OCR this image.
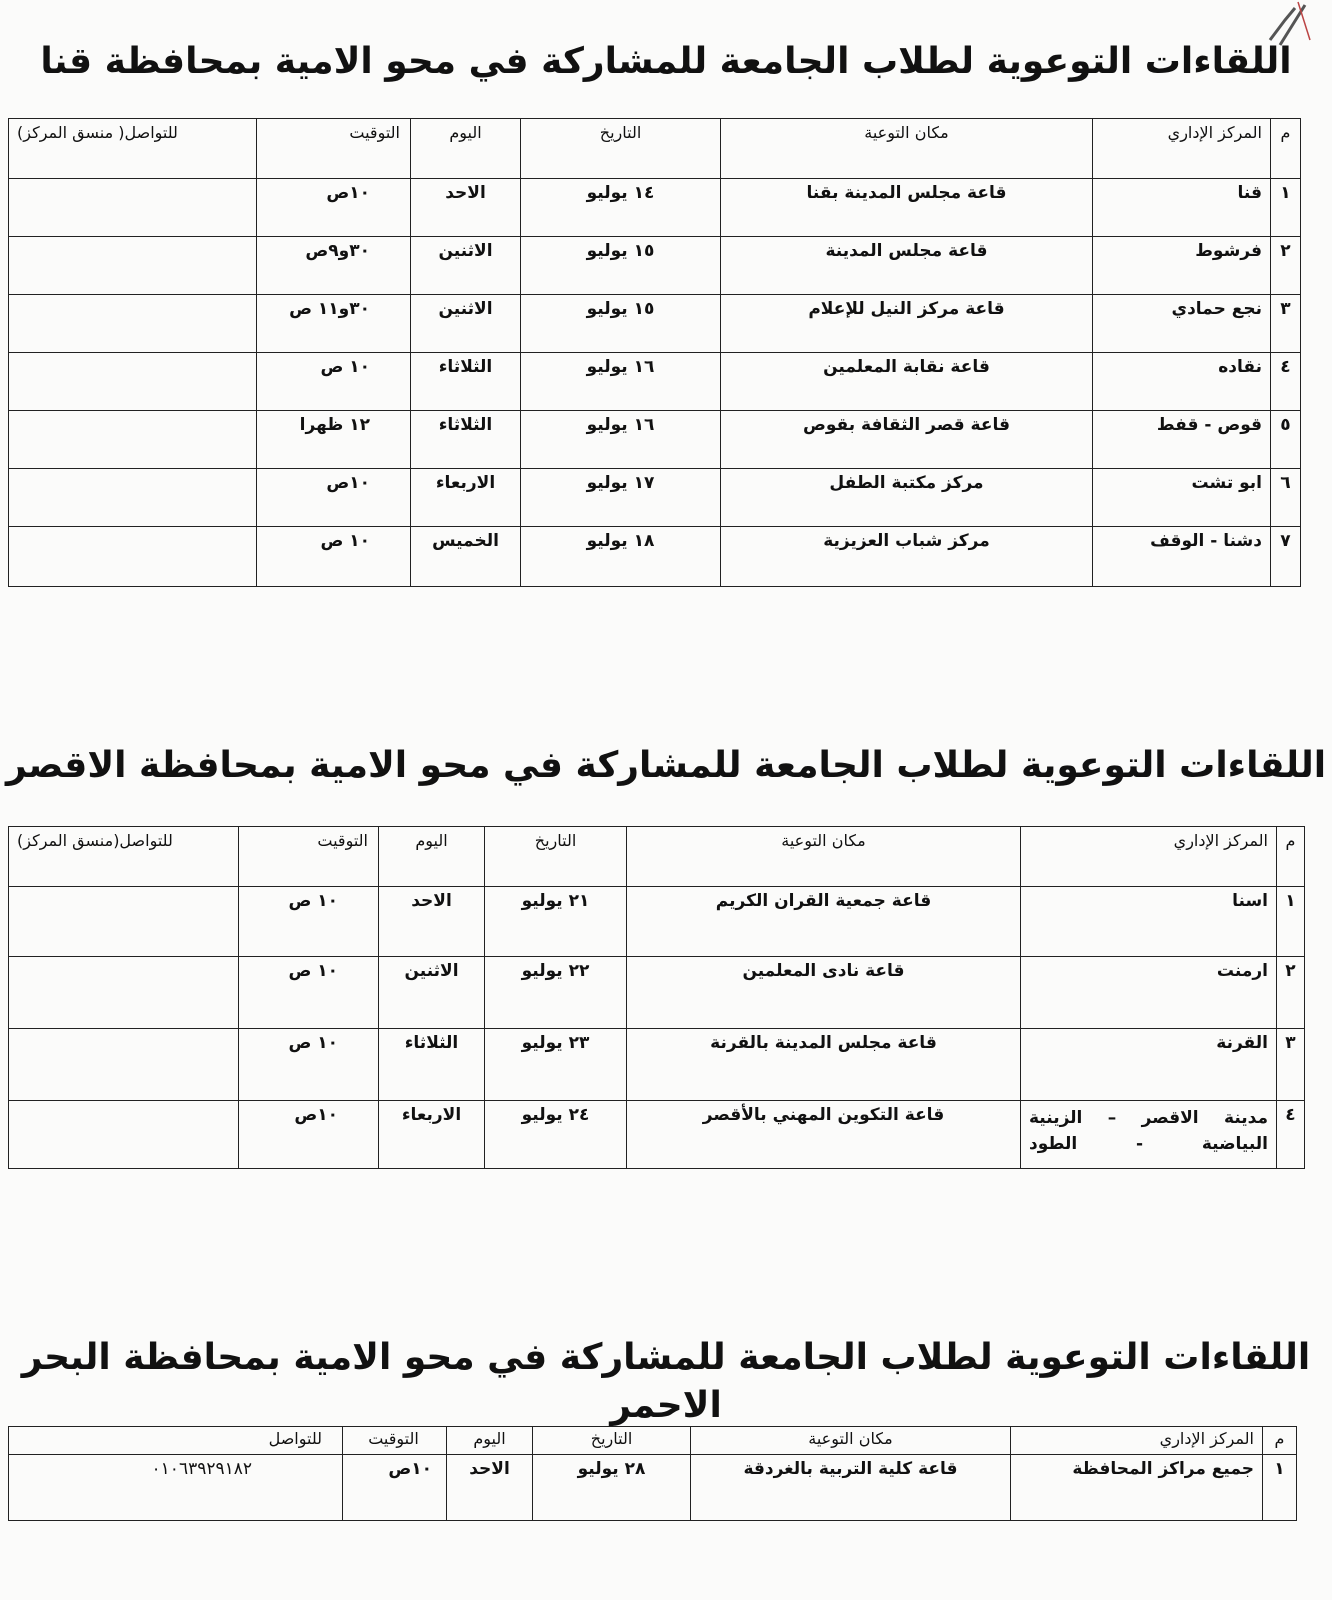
اللقاءات التوعوية لطلاب الجامعة للمشاركة في محو الامية بمحافظة قنا
م	المركز الإداري	مكان التوعية	التاريخ	اليوم	التوقيت	للتواصل( منسق المركز)
١	قنا	قاعة مجلس المدينة بقنا	١٤ يوليو	الاحد	١٠ص	
٢	فرشوط	قاعة مجلس المدينة	١٥ يوليو	الاثنين	٣٠و٩ص	
٣	نجع حمادي	قاعة مركز النيل للإعلام	١٥ يوليو	الاثنين	٣٠و١١ ص	
٤	نقاده	قاعة نقابة المعلمين	١٦ يوليو	الثلاثاء	١٠ ص	
٥	قوص - قفط	قاعة قصر الثقافة بقوص	١٦ يوليو	الثلاثاء	١٢ ظهرا	
٦	ابو تشت	مركز مكتبة الطفل	١٧ يوليو	الاربعاء	١٠ص	
٧	دشنا - الوقف	مركز شباب العزيزية	١٨ يوليو	الخميس	١٠ ص	
اللقاءات التوعوية لطلاب الجامعة للمشاركة في محو الامية بمحافظة الاقصر
م	المركز الإداري	مكان التوعية	التاريخ	اليوم	التوقيت	للتواصل(منسق المركز)
١	اسنا	قاعة جمعية القران الكريم	٢١ يوليو	الاحد	١٠ ص	
٢	ارمنت	قاعة نادى المعلمين	٢٢ يوليو	الاثنين	١٠ ص	
٣	القرنة	قاعة مجلس المدينة بالقرنة	٢٣ يوليو	الثلاثاء	١٠ ص	
٤	مدينة الاقصر – الزينية البياضية - الطود	قاعة التكوين المهني بالأقصر	٢٤ يوليو	الاربعاء	١٠ص	
اللقاءات التوعوية لطلاب الجامعة للمشاركة في محو الامية بمحافظة البحر الاحمر
م	المركز الإداري	مكان التوعية	التاريخ	اليوم	التوقيت	للتواصل
١	جميع مراكز المحافظة	قاعة كلية التربية بالغردقة	٢٨ يوليو	الاحد	١٠ص	٠١٠٦٣٩٢٩١٨٢
